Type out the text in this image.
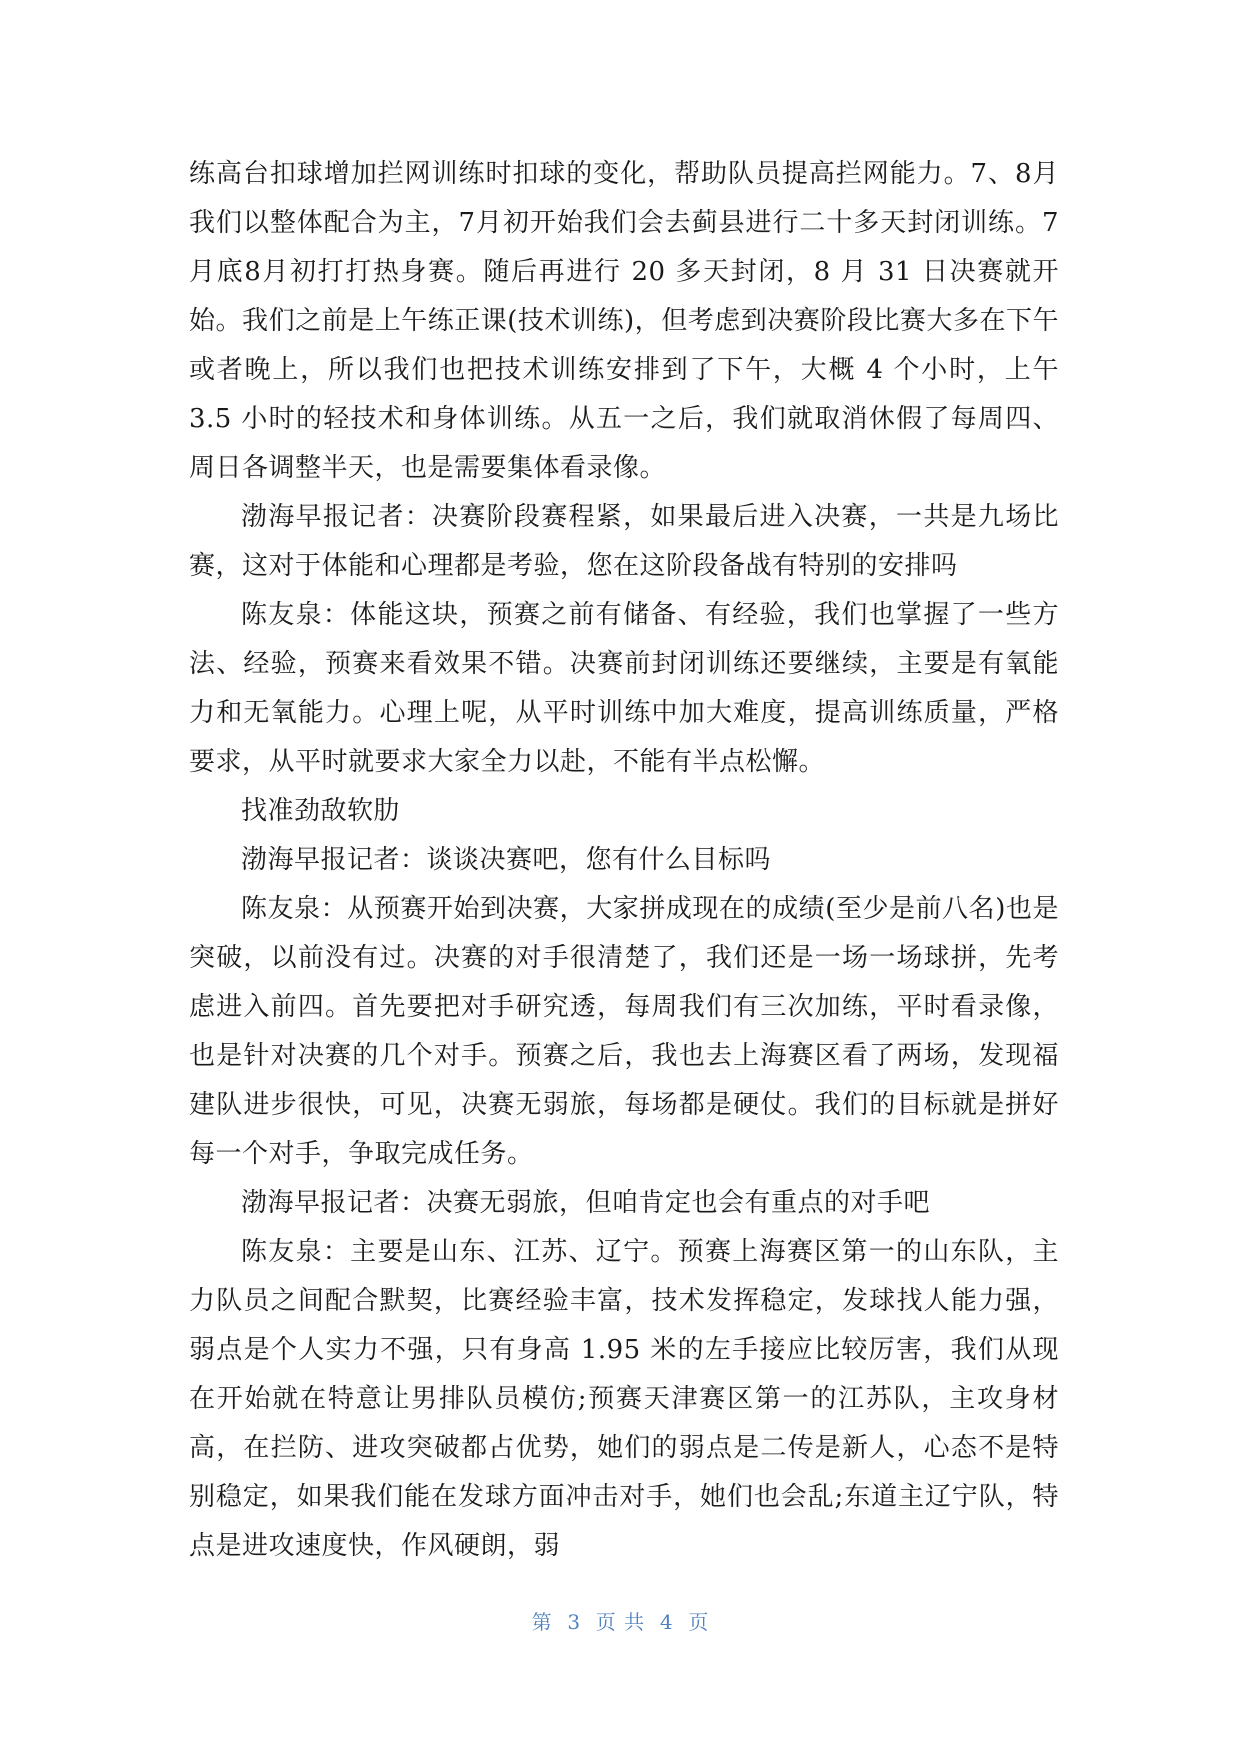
练高台扣球增加拦网训练时扣球的变化，帮助队员提高拦网能力。7、8月我们以整体配合为主，7月初开始我们会去蓟县进行二十多天封闭训练。7月底8月初打打热身赛。随后再进行 20 多天封闭，8 月 31 日决赛就开始。我们之前是上午练正课(技术训练)，但考虑到决赛阶段比赛大多在下午或者晚上，所以我们也把技术训练安排到了下午，大概 4 个小时，上午 3.5 小时的轻技术和身体训练。从五一之后，我们就取消休假了每周四、周日各调整半天，也是需要集体看录像。

渤海早报记者：决赛阶段赛程紧，如果最后进入决赛，一共是九场比赛，这对于体能和心理都是考验，您在这阶段备战有特别的安排吗

陈友泉：体能这块，预赛之前有储备、有经验，我们也掌握了一些方法、经验，预赛来看效果不错。决赛前封闭训练还要继续，主要是有氧能力和无氧能力。心理上呢，从平时训练中加大难度，提高训练质量，严格要求，从平时就要求大家全力以赴，不能有半点松懈。

找准劲敌软肋

渤海早报记者：谈谈决赛吧，您有什么目标吗

陈友泉：从预赛开始到决赛，大家拼成现在的成绩(至少是前八名)也是突破，以前没有过。决赛的对手很清楚了，我们还是一场一场球拼，先考虑进入前四。首先要把对手研究透，每周我们有三次加练，平时看录像，也是针对决赛的几个对手。预赛之后，我也去上海赛区看了两场，发现福建队进步很快，可见，决赛无弱旅，每场都是硬仗。我们的目标就是拼好每一个对手，争取完成任务。

渤海早报记者：决赛无弱旅，但咱肯定也会有重点的对手吧

陈友泉：主要是山东、江苏、辽宁。预赛上海赛区第一的山东队，主力队员之间配合默契，比赛经验丰富，技术发挥稳定，发球找人能力强，弱点是个人实力不强，只有身高 1.95 米的左手接应比较厉害，我们从现在开始就在特意让男排队员模仿;预赛天津赛区第一的江苏队，主攻身材高，在拦防、进攻突破都占优势，她们的弱点是二传是新人，心态不是特别稳定，如果我们能在发球方面冲击对手，她们也会乱;东道主辽宁队，特点是进攻速度快，作风硬朗，弱

第  3  页 共  4  页
